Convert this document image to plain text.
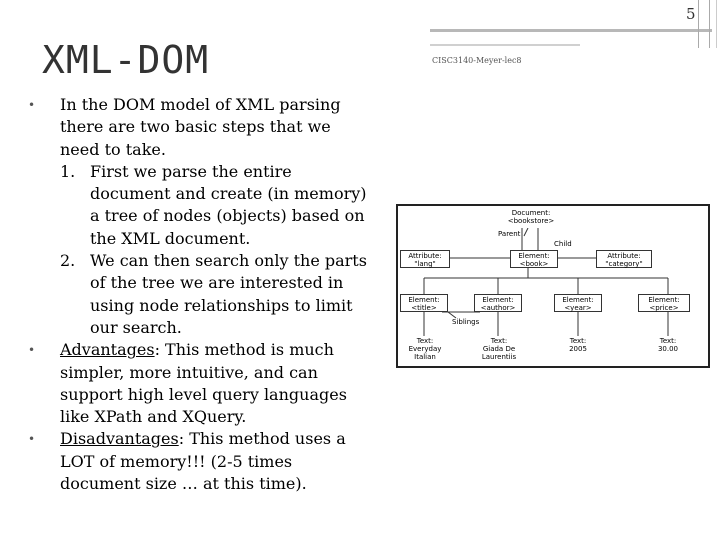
5
XML-DOM	CISC3140-Meyer-lec8
• In the DOM model of XML parsing there are two basic steps that we need to take.
1. First we parse the entire document and create (in memory) a tree of nodes (objects) based on the XML document.
2. We can then search only the parts of the tree we are interested in using node relationships to limit our search.
• Advantages: This method is much simpler, more intuitive, and can support high level query languages like XPath and XQuery.
• Disadvantages: This method uses a LOT of memory!!! (2-5 times document size … at this time).
Document:
<bookstore>
Parent
Child
Attribute:
"lang"
Element:
<book>
Attribute:
"category"
Element:
<title>
Element:
<author>
Element:
<year>
Element:
<price>
Siblings
Text:
Everyday Italian
Text:
Giada De
Laurentiis
Text:
2005
Text:
30.00
